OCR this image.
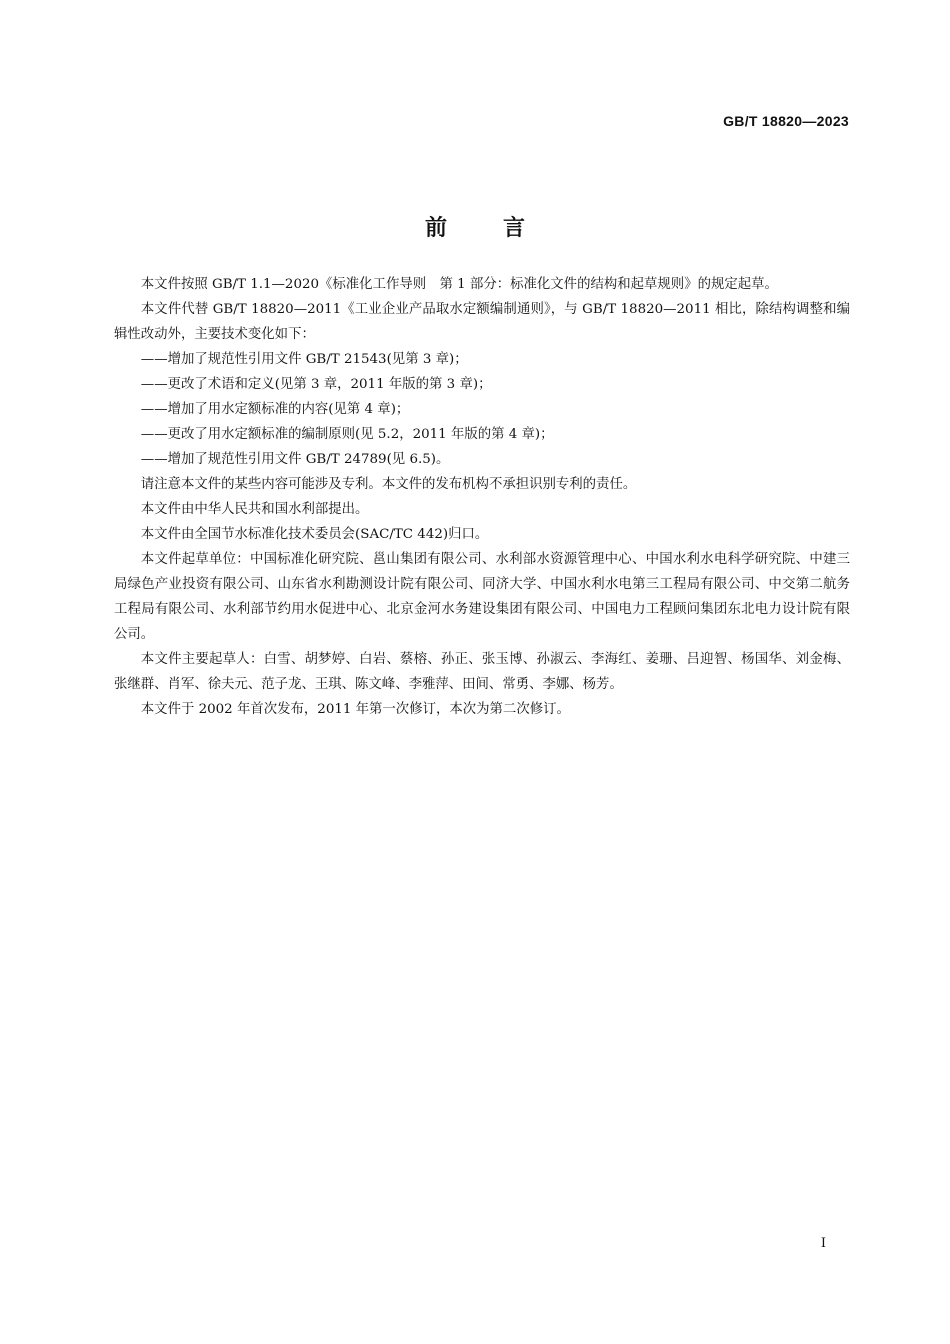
GB/T 18820—2023
前言

本文件按照 GB/T 1.1—2020《标准化工作导则　第 1 部分：标准化文件的结构和起草规则》的规定起草。

本文件代替 GB/T 18820—2011《工业企业产品取水定额编制通则》，与 GB/T 18820—2011 相比，除结构调整和编辑性改动外，主要技术变化如下：

——增加了规范性引用文件 GB/T 21543(见第 3 章)；

——更改了术语和定义(见第 3 章，2011 年版的第 3 章)；

——增加了用水定额标准的内容(见第 4 章)；

——更改了用水定额标准的编制原则(见 5.2，2011 年版的第 4 章)；

——增加了规范性引用文件 GB/T 24789(见 6.5)。

请注意本文件的某些内容可能涉及专利。本文件的发布机构不承担识别专利的责任。

本文件由中华人民共和国水利部提出。

本文件由全国节水标准化技术委员会(SAC/TC 442)归口。

本文件起草单位：中国标准化研究院、邕山集团有限公司、水利部水资源管理中心、中国水利水电科学研究院、中建三局绿色产业投资有限公司、山东省水利勘测设计院有限公司、同济大学、中国水利水电第三工程局有限公司、中交第二航务工程局有限公司、水利部节约用水促进中心、北京金河水务建设集团有限公司、中国电力工程顾问集团东北电力设计院有限公司。

本文件主要起草人：白雪、胡梦婷、白岩、蔡榕、孙正、张玉博、孙淑云、李海红、姜珊、吕迎智、杨国华、刘金梅、张继群、肖军、徐夫元、范子龙、王琪、陈文峰、李雅萍、田间、常勇、李娜、杨芳。

本文件于 2002 年首次发布，2011 年第一次修订，本次为第二次修订。

I
